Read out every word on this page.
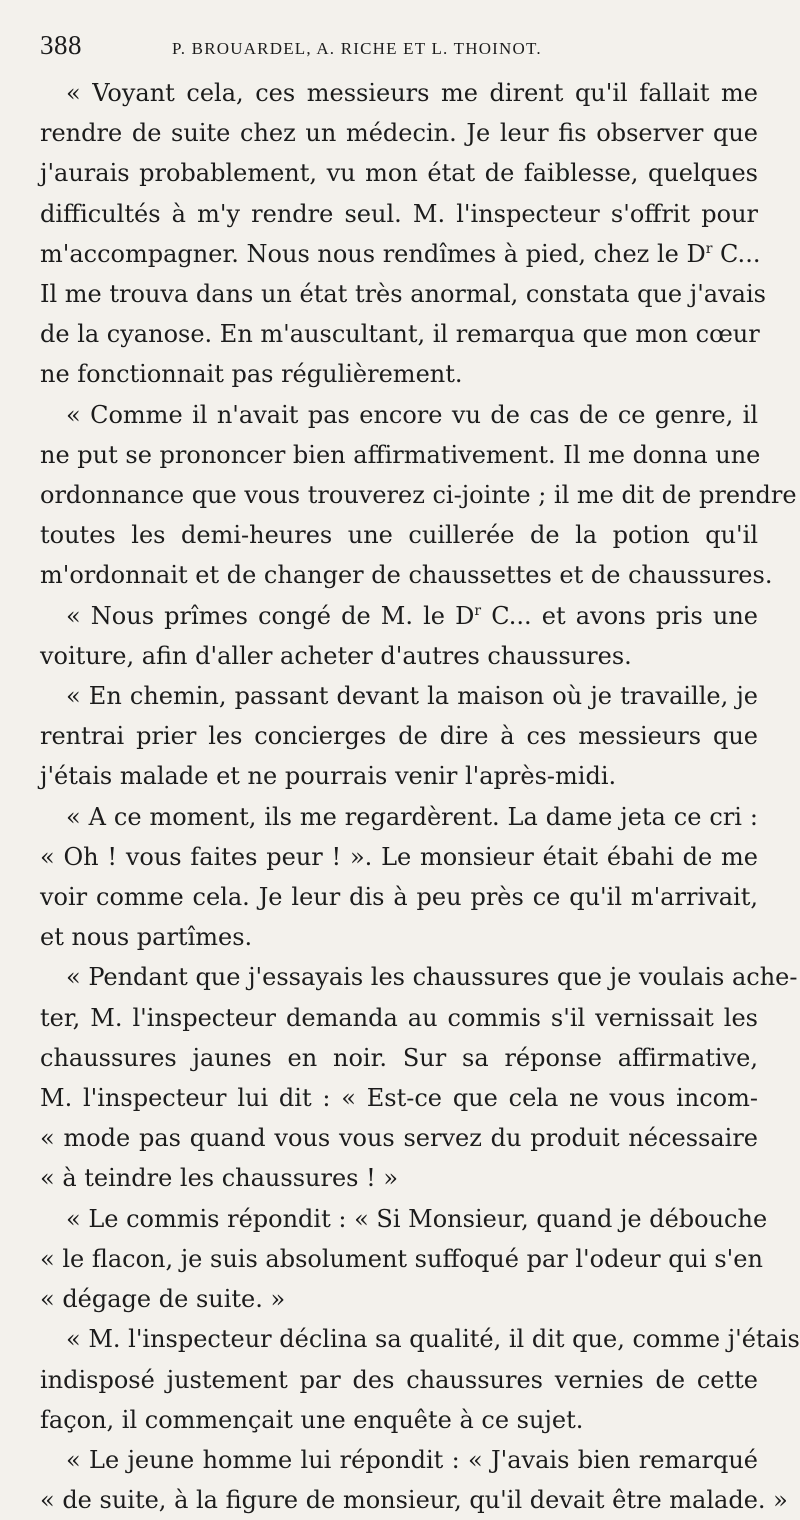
388	P. BROUARDEL, A. RICHE ET L. THOINOT.

« Voyant cela, ces messieurs me dirent qu'il fallait me
rendre de suite chez un médecin. Je leur fis observer que
j'aurais probablement, vu mon état de faiblesse, quelques
difficultés à m'y rendre seul. M. l'inspecteur s'offrit pour
m'accompagner. Nous nous rendîmes à pied, chez le $D^r$ C...
Il me trouva dans un état très anormal, constata que j'avais
de la cyanose. En m'auscultant, il remarqua que mon cœur
ne fonctionnait pas régulièrement.

« Comme il n'avait pas encore vu de cas de ce genre, il
ne put se prononcer bien affirmativement. Il me donna une
ordonnance que vous trouverez ci-jointe ; il me dit de prendre
toutes les demi-heures une cuillerée de la potion qu'il
m'ordonnait et de changer de chaussettes et de chaussures.

« Nous prîmes congé de M. le $D^r$ C... et avons pris une
voiture, afin d'aller acheter d'autres chaussures.

« En chemin, passant devant la maison où je travaille, je
rentrai prier les concierges de dire à ces messieurs que
j'étais malade et ne pourrais venir l'après-midi.

« A ce moment, ils me regardèrent. La dame jeta ce cri :
« Oh ! vous faites peur ! ». Le monsieur était ébahi de me
voir comme cela. Je leur dis à peu près ce qu'il m'arrivait,
et nous partîmes.

« Pendant que j'essayais les chaussures que je voulais ache-
ter, M. l'inspecteur demanda au commis s'il vernissait les
chaussures jaunes en noir. Sur sa réponse affirmative,
M. l'inspecteur lui dit : « Est-ce que cela ne vous incom-
« mode pas quand vous vous servez du produit nécessaire
« à teindre les chaussures ! »

« Le commis répondit : « Si Monsieur, quand je débouche
« le flacon, je suis absolument suffoqué par l'odeur qui s'en
« dégage de suite. »

« M. l'inspecteur déclina sa qualité, il dit que, comme j'étais
indisposé justement par des chaussures vernies de cette
façon, il commençait une enquête à ce sujet.

« Le jeune homme lui répondit : « J'avais bien remarqué
« de suite, à la figure de monsieur, qu'il devait être malade. »
